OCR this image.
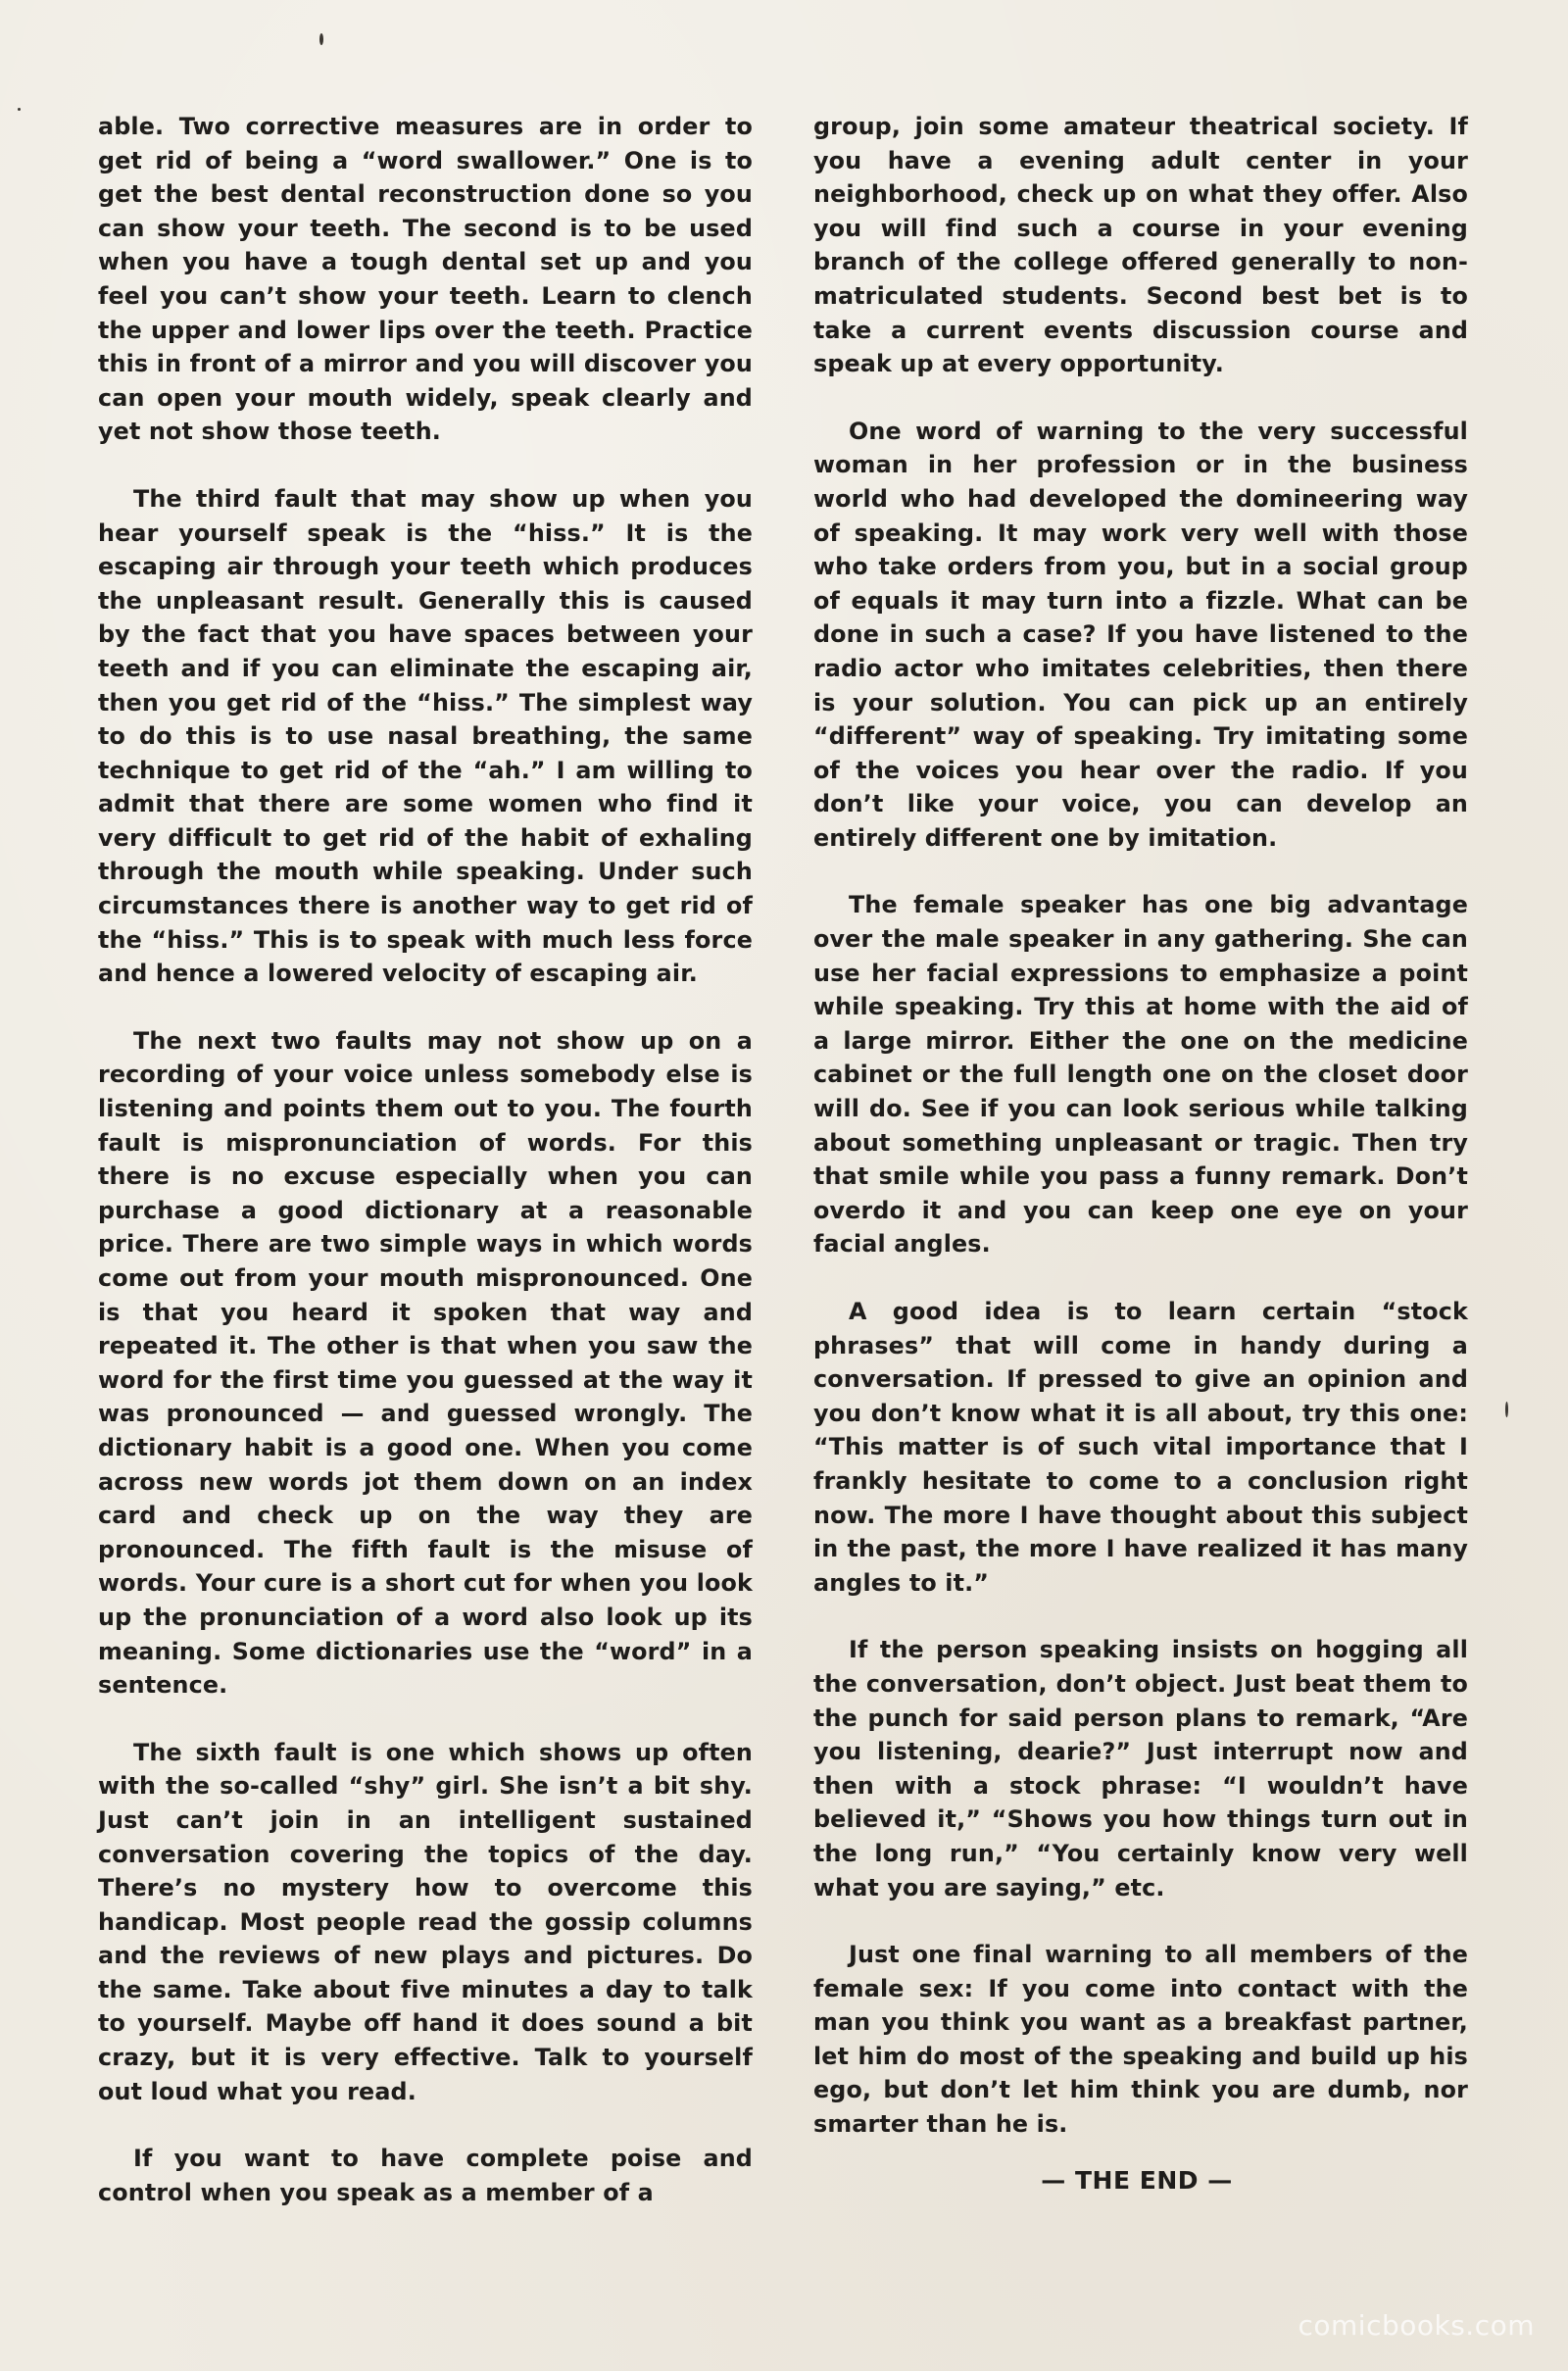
able. Two corrective measures are in order to get rid of being a “word swallower.” One is to get the best dental reconstruction done so you can show your teeth. The second is to be used when you have a tough dental set up and you feel you can’t show your teeth. Learn to clench the upper and lower lips over the teeth. Practice this in front of a mirror and you will discover you can open your mouth widely, speak clearly and yet not show those teeth.

The third fault that may show up when you hear yourself speak is the “hiss.” It is the escaping air through your teeth which produces the unpleasant result. Generally this is caused by the fact that you have spaces between your teeth and if you can eliminate the escaping air, then you get rid of the “hiss.” The simplest way to do this is to use nasal breathing, the same technique to get rid of the “ah.” I am willing to admit that there are some women who find it very difficult to get rid of the habit of exhaling through the mouth while speaking. Under such circumstances there is another way to get rid of the “hiss.” This is to speak with much less force and hence a lowered velocity of escaping air.

The next two faults may not show up on a recording of your voice unless somebody else is listening and points them out to you. The fourth fault is mispronunciation of words. For this there is no excuse especially when you can purchase a good dictionary at a reasonable price. There are two simple ways in which words come out from your mouth mispronounced. One is that you heard it spoken that way and repeated it. The other is that when you saw the word for the first time you guessed at the way it was pronounced — and guessed wrongly. The dictionary habit is a good one. When you come across new words jot them down on an index card and check up on the way they are pronounced. The fifth fault is the misuse of words. Your cure is a short cut for when you look up the pronunciation of a word also look up its meaning. Some dictionaries use the “word” in a sentence.

The sixth fault is one which shows up often with the so-called “shy” girl. She isn’t a bit shy. Just can’t join in an intelligent sustained conversation covering the topics of the day. There’s no mystery how to overcome this handicap. Most people read the gossip columns and the reviews of new plays and pictures. Do the same. Take about five minutes a day to talk to yourself. Maybe off hand it does sound a bit crazy, but it is very effective. Talk to yourself out loud what you read.

If you want to have complete poise and control when you speak as a member of a

group, join some amateur theatrical society. If you have a evening adult center in your neighborhood, check up on what they offer. Also you will find such a course in your evening branch of the college offered generally to non-matriculated students. Second best bet is to take a current events discussion course and speak up at every opportunity.

One word of warning to the very successful woman in her profession or in the business world who had developed the domineering way of speaking. It may work very well with those who take orders from you, but in a social group of equals it may turn into a fizzle. What can be done in such a case? If you have listened to the radio actor who imitates celebrities, then there is your solution. You can pick up an entirely “different” way of speaking. Try imitating some of the voices you hear over the radio. If you don’t like your voice, you can develop an entirely different one by imitation.

The female speaker has one big advantage over the male speaker in any gathering. She can use her facial expressions to emphasize a point while speaking. Try this at home with the aid of a large mirror. Either the one on the medicine cabinet or the full length one on the closet door will do. See if you can look serious while talking about something unpleasant or tragic. Then try that smile while you pass a funny remark. Don’t overdo it and you can keep one eye on your facial angles.

A good idea is to learn certain “stock phrases” that will come in handy during a conversation. If pressed to give an opinion and you don’t know what it is all about, try this one: “This matter is of such vital importance that I frankly hesitate to come to a conclusion right now. The more I have thought about this subject in the past, the more I have realized it has many angles to it.”

If the person speaking insists on hogging all the conversation, don’t object. Just beat them to the punch for said person plans to remark, “Are you listening, dearie?” Just interrupt now and then with a stock phrase: “I wouldn’t have believed it,” “Shows you how things turn out in the long run,” “You certainly know very well what you are saying,” etc.

Just one final warning to all members of the female sex: If you come into contact with the man you think you want as a breakfast partner, let him do most of the speaking and build up his ego, but don’t let him think you are dumb, nor smarter than he is.

— THE END —
comicbooks.com
